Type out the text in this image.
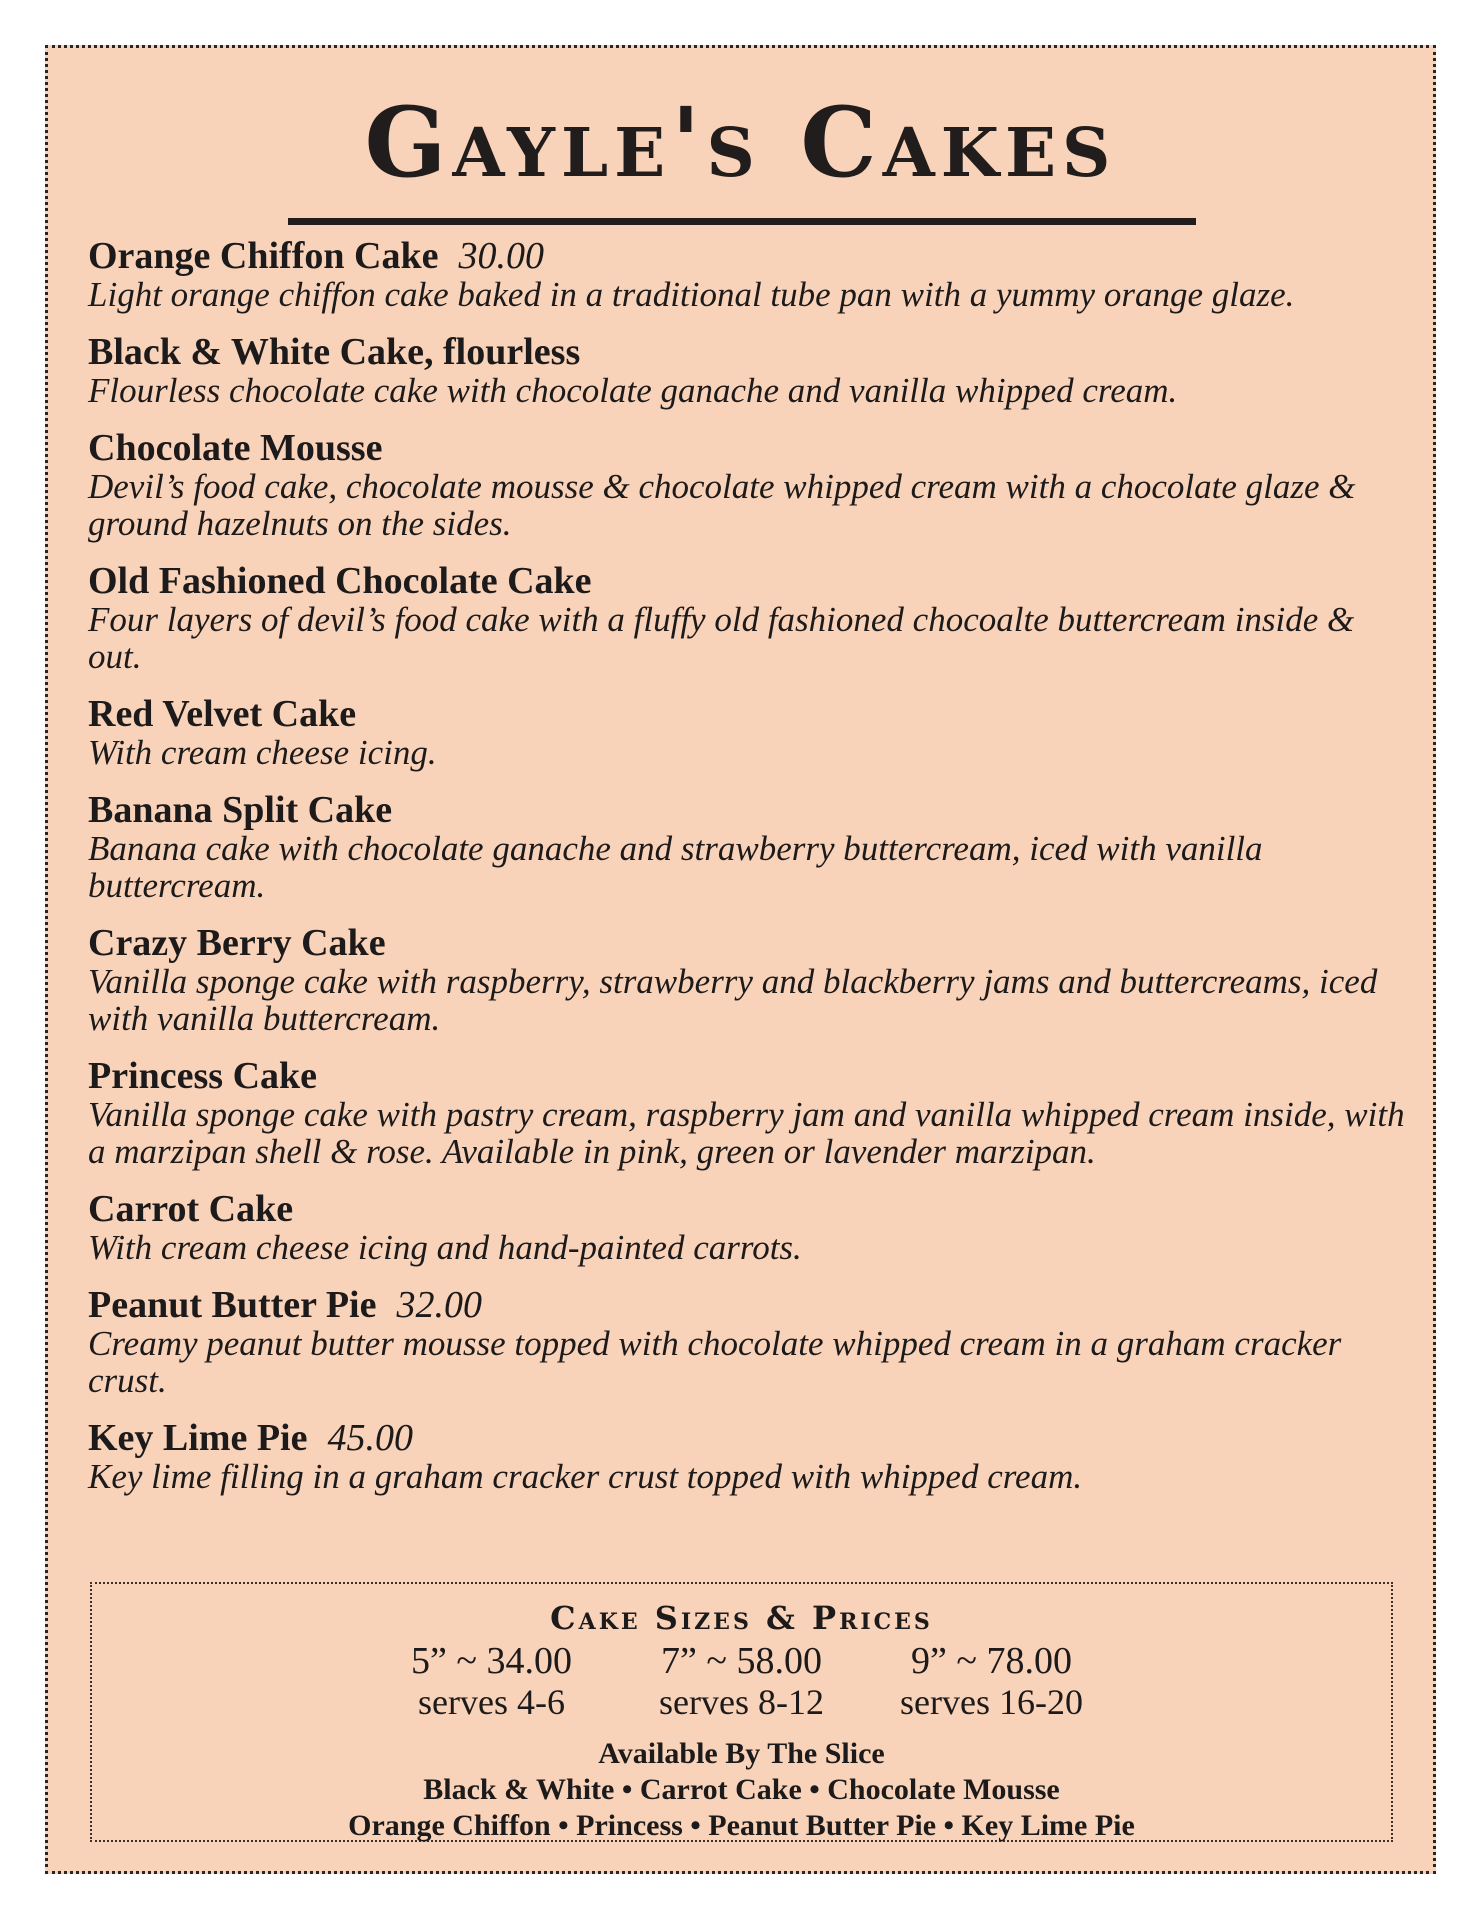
Gayle's Cakes
Orange Chiffon Cake 30.00
Light orange chiffon cake baked in a traditional tube pan with a yummy orange glaze.
Black & White Cake, flourless
Flourless chocolate cake with chocolate ganache and vanilla whipped cream.
Chocolate Mousse
Devil’s food cake, chocolate mousse & chocolate whipped cream with a chocolate glaze & ground hazelnuts on the sides.
Old Fashioned Chocolate Cake
Four layers of devil’s food cake with a fluffy old fashioned chocoalte buttercream inside & out.
Red Velvet Cake
With cream cheese icing.
Banana Split Cake
Banana cake with chocolate ganache and strawberry buttercream, iced with vanilla buttercream.
Crazy Berry Cake
Vanilla sponge cake with raspberry, strawberry and blackberry jams and buttercreams, iced with vanilla buttercream.
Princess Cake
Vanilla sponge cake with pastry cream, raspberry jam and vanilla whipped cream inside, with a marzipan shell & rose. Available in pink, green or lavender marzipan.
Carrot Cake
With cream cheese icing and hand-painted carrots.
Peanut Butter Pie 32.00
Creamy peanut butter mousse topped with chocolate whipped cream in a graham cracker crust.
Key Lime Pie 45.00
Key lime filling in a graham cracker crust topped with whipped cream.
Cake Sizes & Prices
5” ~ 34.00
serves 4-6
7” ~ 58.00
serves 8-12
9” ~ 78.00
serves 16-20
Available By The Slice
Black & White • Carrot Cake • Chocolate Mousse
Orange Chiffon • Princess • Peanut Butter Pie • Key Lime Pie
